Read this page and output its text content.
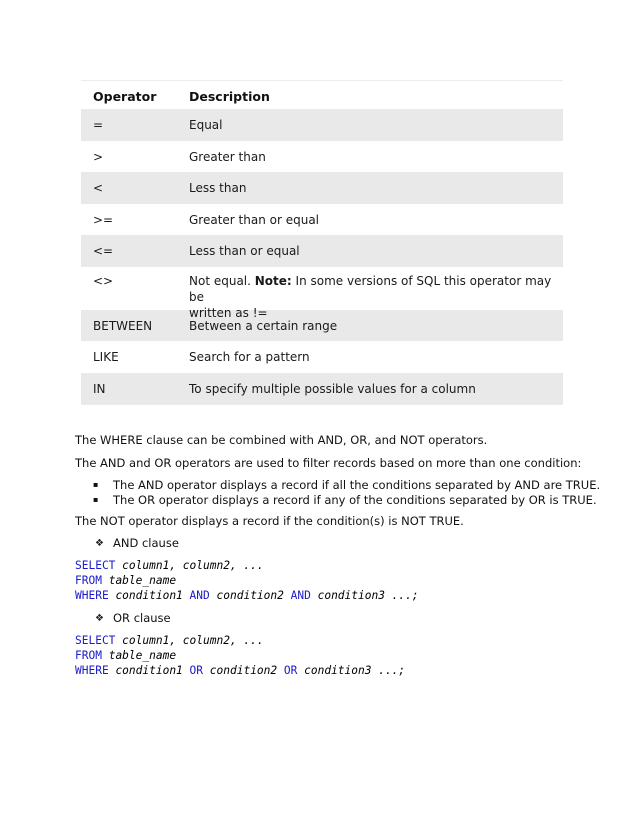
Operator	Description
=	Equal
>	Greater than
<	Less than
>=	Greater than or equal
<=	Less than or equal
<>	Not equal. Note: In some versions of SQL this operator may be
written as !=
BETWEEN	Between a certain range
LIKE	Search for a pattern
IN	To specify multiple possible values for a column
The WHERE clause can be combined with AND, OR, and NOT operators.
The AND and OR operators are used to filter records based on more than one condition:
▪	The AND operator displays a record if all the conditions separated by AND are TRUE.
▪	The OR operator displays a record if any of the conditions separated by OR is TRUE.
The NOT operator displays a record if the condition(s) is NOT TRUE.
❖ AND clause
SELECT column1, column2, ...
FROM table_name
WHERE condition1 AND condition2 AND condition3 ...;
❖ OR clause
SELECT column1, column2, ...
FROM table_name
WHERE condition1 OR condition2 OR condition3 ...;
